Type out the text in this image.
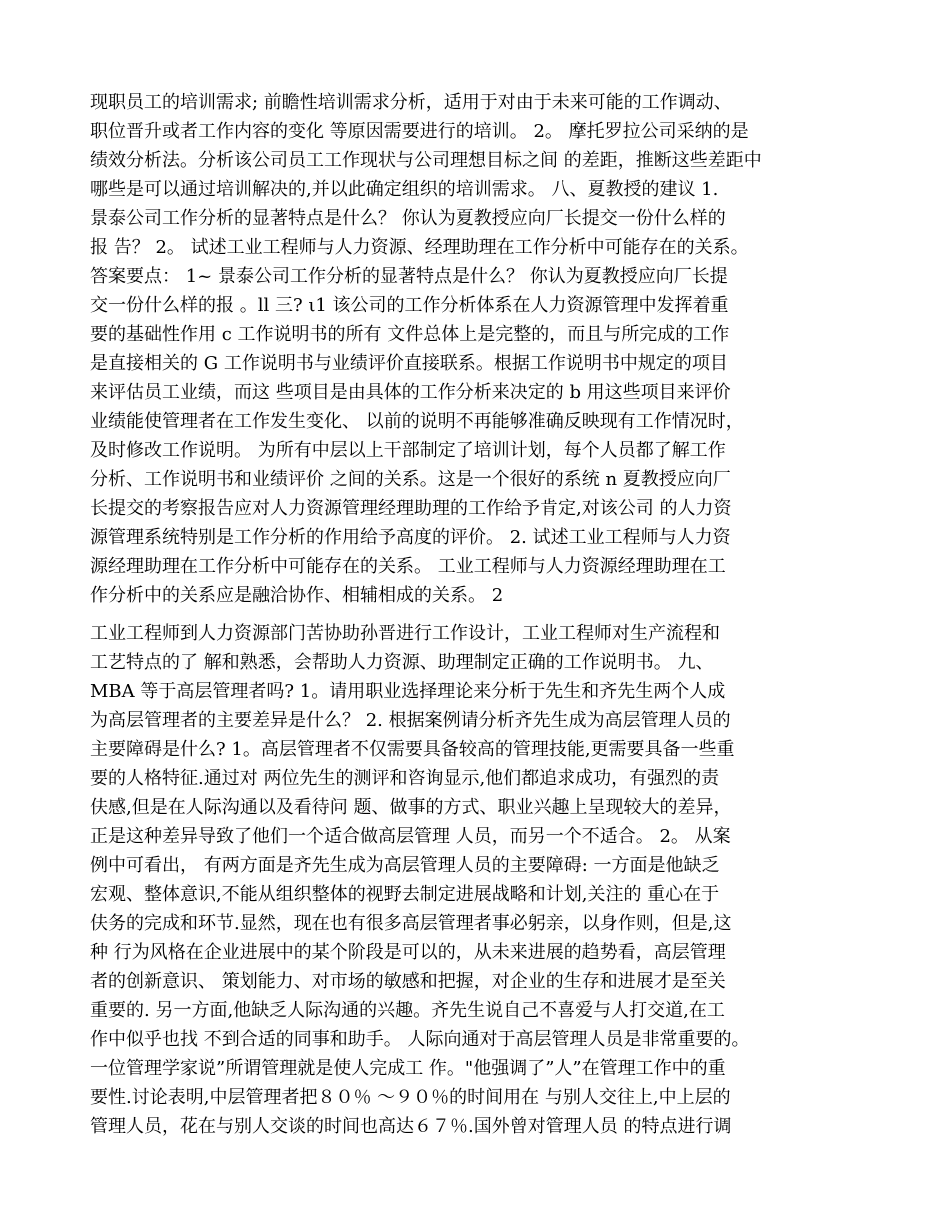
现职员工的培训需求; 前瞻性培训需求分析，适用于对由于未来可能的工作调动、
职位晋升或者工作内容的变化 等原因需要进行的培训。 2。 摩托罗拉公司采纳的是
绩效分析法。分析该公司员工工作现状与公司理想目标之间 的差距，推断这些差距中
哪些是可以通过培训解决的,并以此确定组织的培训需求。 八、夏教授的建议 1.
景泰公司工作分析的显著特点是什么？ 你认为夏教授应向厂长提交一份什么样的
报 告？ 2。 试述工业工程师与人力资源、经理助理在工作分析中可能存在的关系。
答案要点： 1~ 景泰公司工作分析的显著特点是什么？ 你认为夏教授应向厂长提
交一份什么样的报 。ll 三? ι1 该公司的工作分析体系在人力资源管理中发挥着重
要的基础性作用 c 工作说明书的所有 文件总体上是完整的，而且与所完成的工作
是直接相关的 G 工作说明书与业绩评价直接联系。根据工作说明书中规定的项目
来评估员工业绩，而这 些项目是由具体的工作分析来决定的 b 用这些项目来评价
业绩能使管理者在工作发生变化、 以前的说明不再能够准确反映现有工作情况时，
及时修改工作说明。 为所有中层以上干部制定了培训计划，每个人员都了解工作
分析、工作说明书和业绩评价 之间的关系。这是一个很好的系统 n 夏教授应向厂
长提交的考察报告应对人力资源管理经理助理的工作给予肯定,对该公司 的人力资
源管理系统特别是工作分析的作用给予高度的评价。 2. 试述工业工程师与人力资
源经理助理在工作分析中可能存在的关系。 工业工程师与人力资源经理助理在工
作分析中的关系应是融洽协作、相辅相成的关系。 2
工业工程师到人力资源部门苦协助孙晋进行工作设计，工业工程师对生产流程和
工艺特点的了 解和熟悉，会帮助人力资源、助理制定正确的工作说明书。 九、
MBA 等于高层管理者吗? 1。请用职业选择理论来分析于先生和齐先生两个人成
为高层管理者的主要差异是什么？ 2. 根据案例请分析齐先生成为高层管理人员的
主要障碍是什么? 1。高层管理者不仅需要具备较高的管理技能,更需要具备一些重
要的人格特征.通过对 两位先生的测评和咨询显示,他们都追求成功，有强烈的责
伕感,但是在人际沟通以及看待问 题、做事的方式、职业兴趣上呈现较大的差异，
正是这种差异导致了他们一个适合做高层管理 人员，而另一个不适合。 2。 从案
例中可看出， 有两方面是齐先生成为高层管理人员的主要障碍: 一方面是他缺乏
宏观、整体意识,不能从组织整体的视野去制定进展战略和计划,关注的 重心在于
伕务的完成和环节.显然，现在也有很多高层管理者事必躬亲，以身作则，但是,这
种 行为风格在企业进展中的某个阶段是可以的，从未来进展的趋势看，高层管理
者的创新意识、 策划能力、对市场的敏感和把握，对企业的生存和进展才是至关
重要的. 另一方面,他缺乏人际沟通的兴趣。齐先生说自己不喜爱与人打交道,在工
作中似乎也找 不到合适的同事和助手。 人际向通对于高层管理人员是非常重要的。
一位管理学家说”所谓管理就是使人完成工 作。"他强调了”人”在管理工作中的重
要性.讨论表明,中层管理者把８０％ ～９０％的时间用在 与别人交往上,中上层的
管理人员，花在与别人交谈的时间也高达６７％.国外曾对管理人员 的特点进行调
